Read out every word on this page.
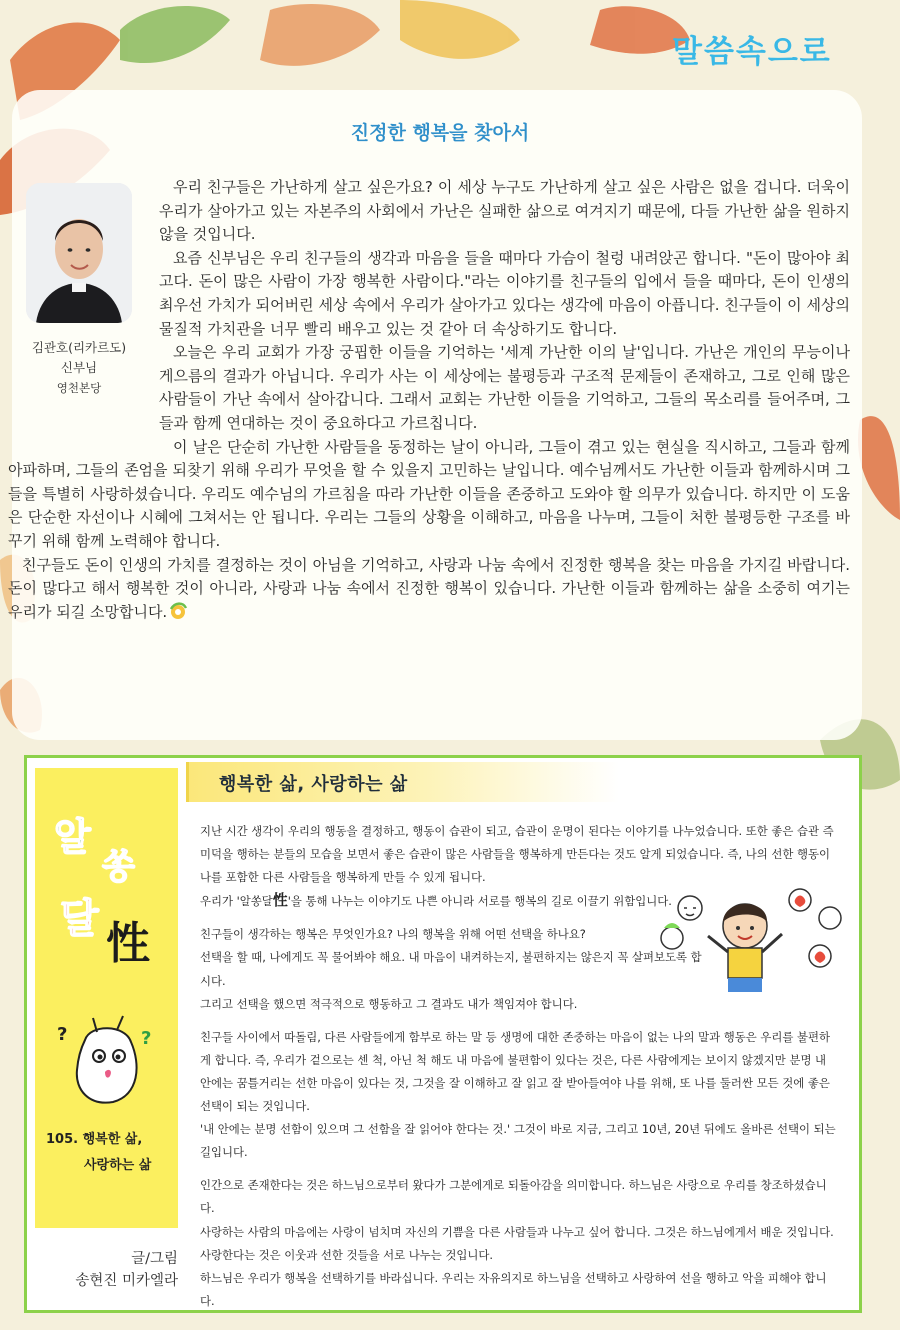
말씀속으로
진정한 행복을 찾아서
김관호(리카르도)
신부님
영천본당

우리 친구들은 가난하게 살고 싶은가요? 이 세상 누구도 가난하게 살고 싶은 사람은 없을 겁니다. 더욱이 우리가 살아가고 있는 자본주의 사회에서 가난은 실패한 삶으로 여겨지기 때문에, 다들 가난한 삶을 원하지 않을 것입니다.

요즘 신부님은 우리 친구들의 생각과 마음을 들을 때마다 가슴이 철렁 내려앉곤 합니다. "돈이 많아야 최고다. 돈이 많은 사람이 가장 행복한 사람이다."라는 이야기를 친구들의 입에서 들을 때마다, 돈이 인생의 최우선 가치가 되어버린 세상 속에서 우리가 살아가고 있다는 생각에 마음이 아픕니다. 친구들이 이 세상의 물질적 가치관을 너무 빨리 배우고 있는 것 같아 더 속상하기도 합니다.

오늘은 우리 교회가 가장 궁핍한 이들을 기억하는 '세계 가난한 이의 날'입니다. 가난은 개인의 무능이나 게으름의 결과가 아닙니다. 우리가 사는 이 세상에는 불평등과 구조적 문제들이 존재하고, 그로 인해 많은 사람들이 가난 속에서 살아갑니다. 그래서 교회는 가난한 이들을 기억하고, 그들의 목소리를 들어주며, 그들과 함께 연대하는 것이 중요하다고 가르칩니다.

이 날은 단순히 가난한 사람들을 동정하는 날이 아니라, 그들이 겪고 있는 현실을 직시하고, 그들과 함께 아파하며, 그들의 존엄을 되찾기 위해 우리가 무엇을 할 수 있을지 고민하는 날입니다. 예수님께서도 가난한 이들과 함께하시며 그들을 특별히 사랑하셨습니다. 우리도 예수님의 가르침을 따라 가난한 이들을 존중하고 도와야 할 의무가 있습니다. 하지만 이 도움은 단순한 자선이나 시혜에 그쳐서는 안 됩니다. 우리는 그들의 상황을 이해하고, 마음을 나누며, 그들이 처한 불평등한 구조를 바꾸기 위해 함께 노력해야 합니다.

친구들도 돈이 인생의 가치를 결정하는 것이 아님을 기억하고, 사랑과 나눔 속에서 진정한 행복을 찾는 마음을 가지길 바랍니다. 돈이 많다고 해서 행복한 것이 아니라, 사랑과 나눔 속에서 진정한 행복이 있습니다. 가난한 이들과 함께하는 삶을 소중히 여기는 우리가 되길 소망합니다.

알
쏭
달 性
?	?
105. 행복한 삶,
사랑하는 삶
글/그림
송현진 미카엘라
행복한 삶, 사랑하는 삶

지난 시간 생각이 우리의 행동을 결정하고, 행동이 습관이 되고, 습관이 운명이 된다는 이야기를 나누었습니다. 또한 좋은 습관 즉 미덕을 행하는 분들의 모습을 보면서 좋은 습관이 많은 사람들을 행복하게 만든다는 것도 알게 되었습니다. 즉, 나의 선한 행동이 나를 포함한 다른 사람들을 행복하게 만들 수 있게 됩니다.

우리가 '알쏭달性'을 통해 나누는 이야기도 나쁜 아니라 서로를 행복의 길로 이끌기 위함입니다.

친구들이 생각하는 행복은 무엇인가요? 나의 행복을 위해 어떤 선택을 하나요?

선택을 할 때, 나에게도 꼭 물어봐야 해요. 내 마음이 내켜하는지, 불편하지는 않은지 꼭 살펴보도록 합시다.

그리고 선택을 했으면 적극적으로 행동하고 그 결과도 내가 책임져야 합니다.

친구들 사이에서 따돌림, 다른 사람들에게 함부로 하는 말 등 생명에 대한 존중하는 마음이 없는 나의 말과 행동은 우리를 불편하게 합니다. 즉, 우리가 겉으로는 센 척, 아닌 척 해도 내 마음에 불편함이 있다는 것은, 다른 사람에게는 보이지 않겠지만 분명 내 안에는 꿈틀거리는 선한 마음이 있다는 것, 그것을 잘 이해하고 잘 읽고 잘 받아들여야 나를 위해, 또 나를 둘러싼 모든 것에 좋은 선택이 되는 것입니다.

'내 안에는 분명 선함이 있으며 그 선함을 잘 읽어야 한다는 것.' 그것이 바로 지금, 그리고 10년, 20년 뒤에도 올바른 선택이 되는 길입니다.

인간으로 존재한다는 것은 하느님으로부터 왔다가 그분에게로 되돌아감을 의미합니다. 하느님은 사랑으로 우리를 창조하셨습니다.

사랑하는 사람의 마음에는 사랑이 넘치며 자신의 기쁨을 다른 사람들과 나누고 싶어 합니다. 그것은 하느님에게서 배운 것입니다.

사랑한다는 것은 이웃과 선한 것들을 서로 나누는 것입니다.

하느님은 우리가 행복을 선택하기를 바라십니다. 우리는 자유의지로 하느님을 선택하고 사랑하여 선을 행하고 악을 피해야 합니다.
